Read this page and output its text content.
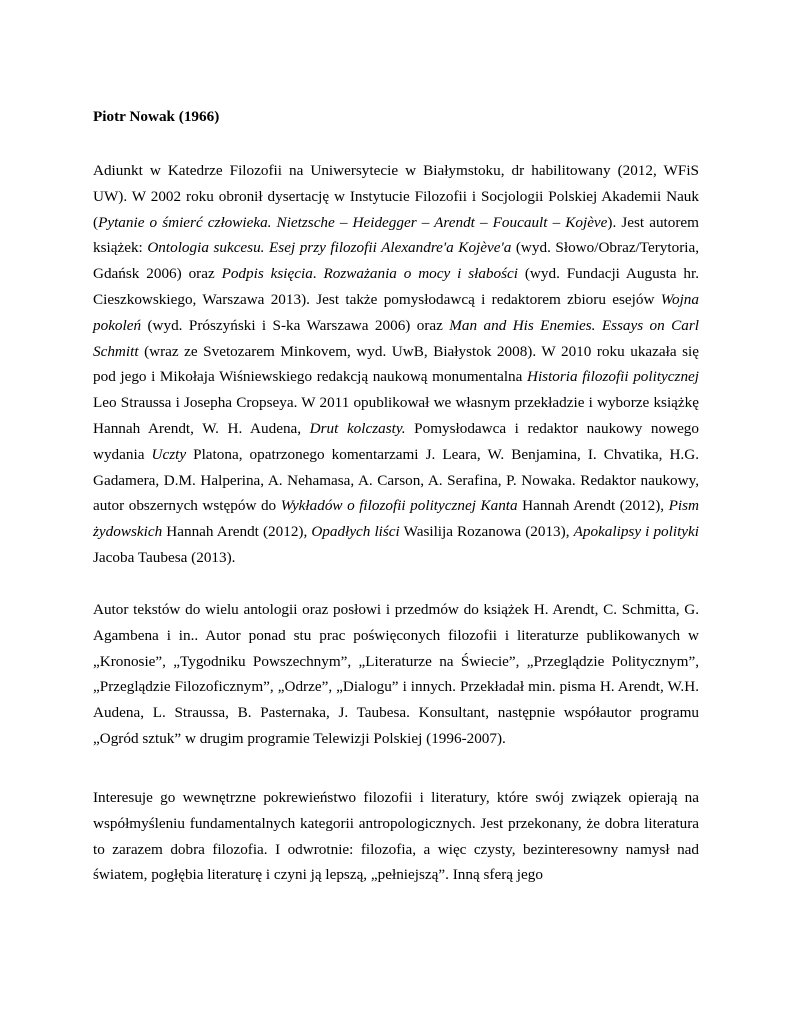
Piotr Nowak (1966)

Adiunkt w Katedrze Filozofii na Uniwersytecie w Białymstoku, dr habilitowany (2012, WFiS UW). W 2002 roku obronił dysertację w Instytucie Filozofii i Socjologii Polskiej Akademii Nauk (Pytanie o śmierć człowieka. Nietzsche – Heidegger – Arendt – Foucault – Kojève). Jest autorem książek: Ontologia sukcesu. Esej przy filozofii Alexandre'a Kojève'a (wyd. Słowo/Obraz/Terytoria, Gdańsk 2006) oraz Podpis księcia. Rozważania o mocy i słabości (wyd. Fundacji Augusta hr. Cieszkowskiego, Warszawa 2013). Jest także pomysłodawcą i redaktorem zbioru esejów Wojna pokoleń (wyd. Prószyński i S-ka Warszawa 2006) oraz Man and His Enemies. Essays on Carl Schmitt (wraz ze Svetozarem Minkovem, wyd. UwB, Białystok 2008). W 2010 roku ukazała się pod jego i Mikołaja Wiśniewskiego redakcją naukową monumentalna Historia filozofii politycznej Leo Straussa i Josepha Cropseya. W 2011 opublikował we własnym przekładzie i wyborze książkę Hannah Arendt, W. H. Audena, Drut kolczasty. Pomysłodawca i redaktor naukowy nowego wydania Uczty Platona, opatrzonego komentarzami J. Leara, W. Benjamina, I. Chvatika, H.G. Gadamera, D.M. Halperina, A. Nehamasa, A. Carson, A. Serafina, P. Nowaka. Redaktor naukowy, autor obszernych wstępów do Wykładów o filozofii politycznej Kanta Hannah Arendt (2012), Pism żydowskich Hannah Arendt (2012), Opadłych liści Wasilija Rozanowa (2013), Apokalipsy i polityki Jacoba Taubesa (2013).

Autor tekstów do wielu antologii oraz posłowi i przedmów do książek H. Arendt, C. Schmitta, G. Agambena i in.. Autor ponad stu prac poświęconych filozofii i literaturze publikowanych w „Kronosie”, „Tygodniku Powszechnym”, „Literaturze na Świecie”, „Przeglądzie Politycznym”, „Przeglądzie Filozoficznym”, „Odrze”, „Dialogu” i innych. Przekładał min. pisma H. Arendt, W.H. Audena, L. Straussa, B. Pasternaka, J. Taubesa. Konsultant, następnie współautor programu „Ogród sztuk” w drugim programie Telewizji Polskiej (1996-2007).

Interesuje go wewnętrzne pokrewieństwo filozofii i literatury, które swój związek opierają na współmyśleniu fundamentalnych kategorii antropologicznych. Jest przekonany, że dobra literatura to zarazem dobra filozofia. I odwrotnie: filozofia, a więc czysty, bezinteresowny namysł nad światem, pogłębia literaturę i czyni ją lepszą, „pełniejszą”. Inną sferą jego
